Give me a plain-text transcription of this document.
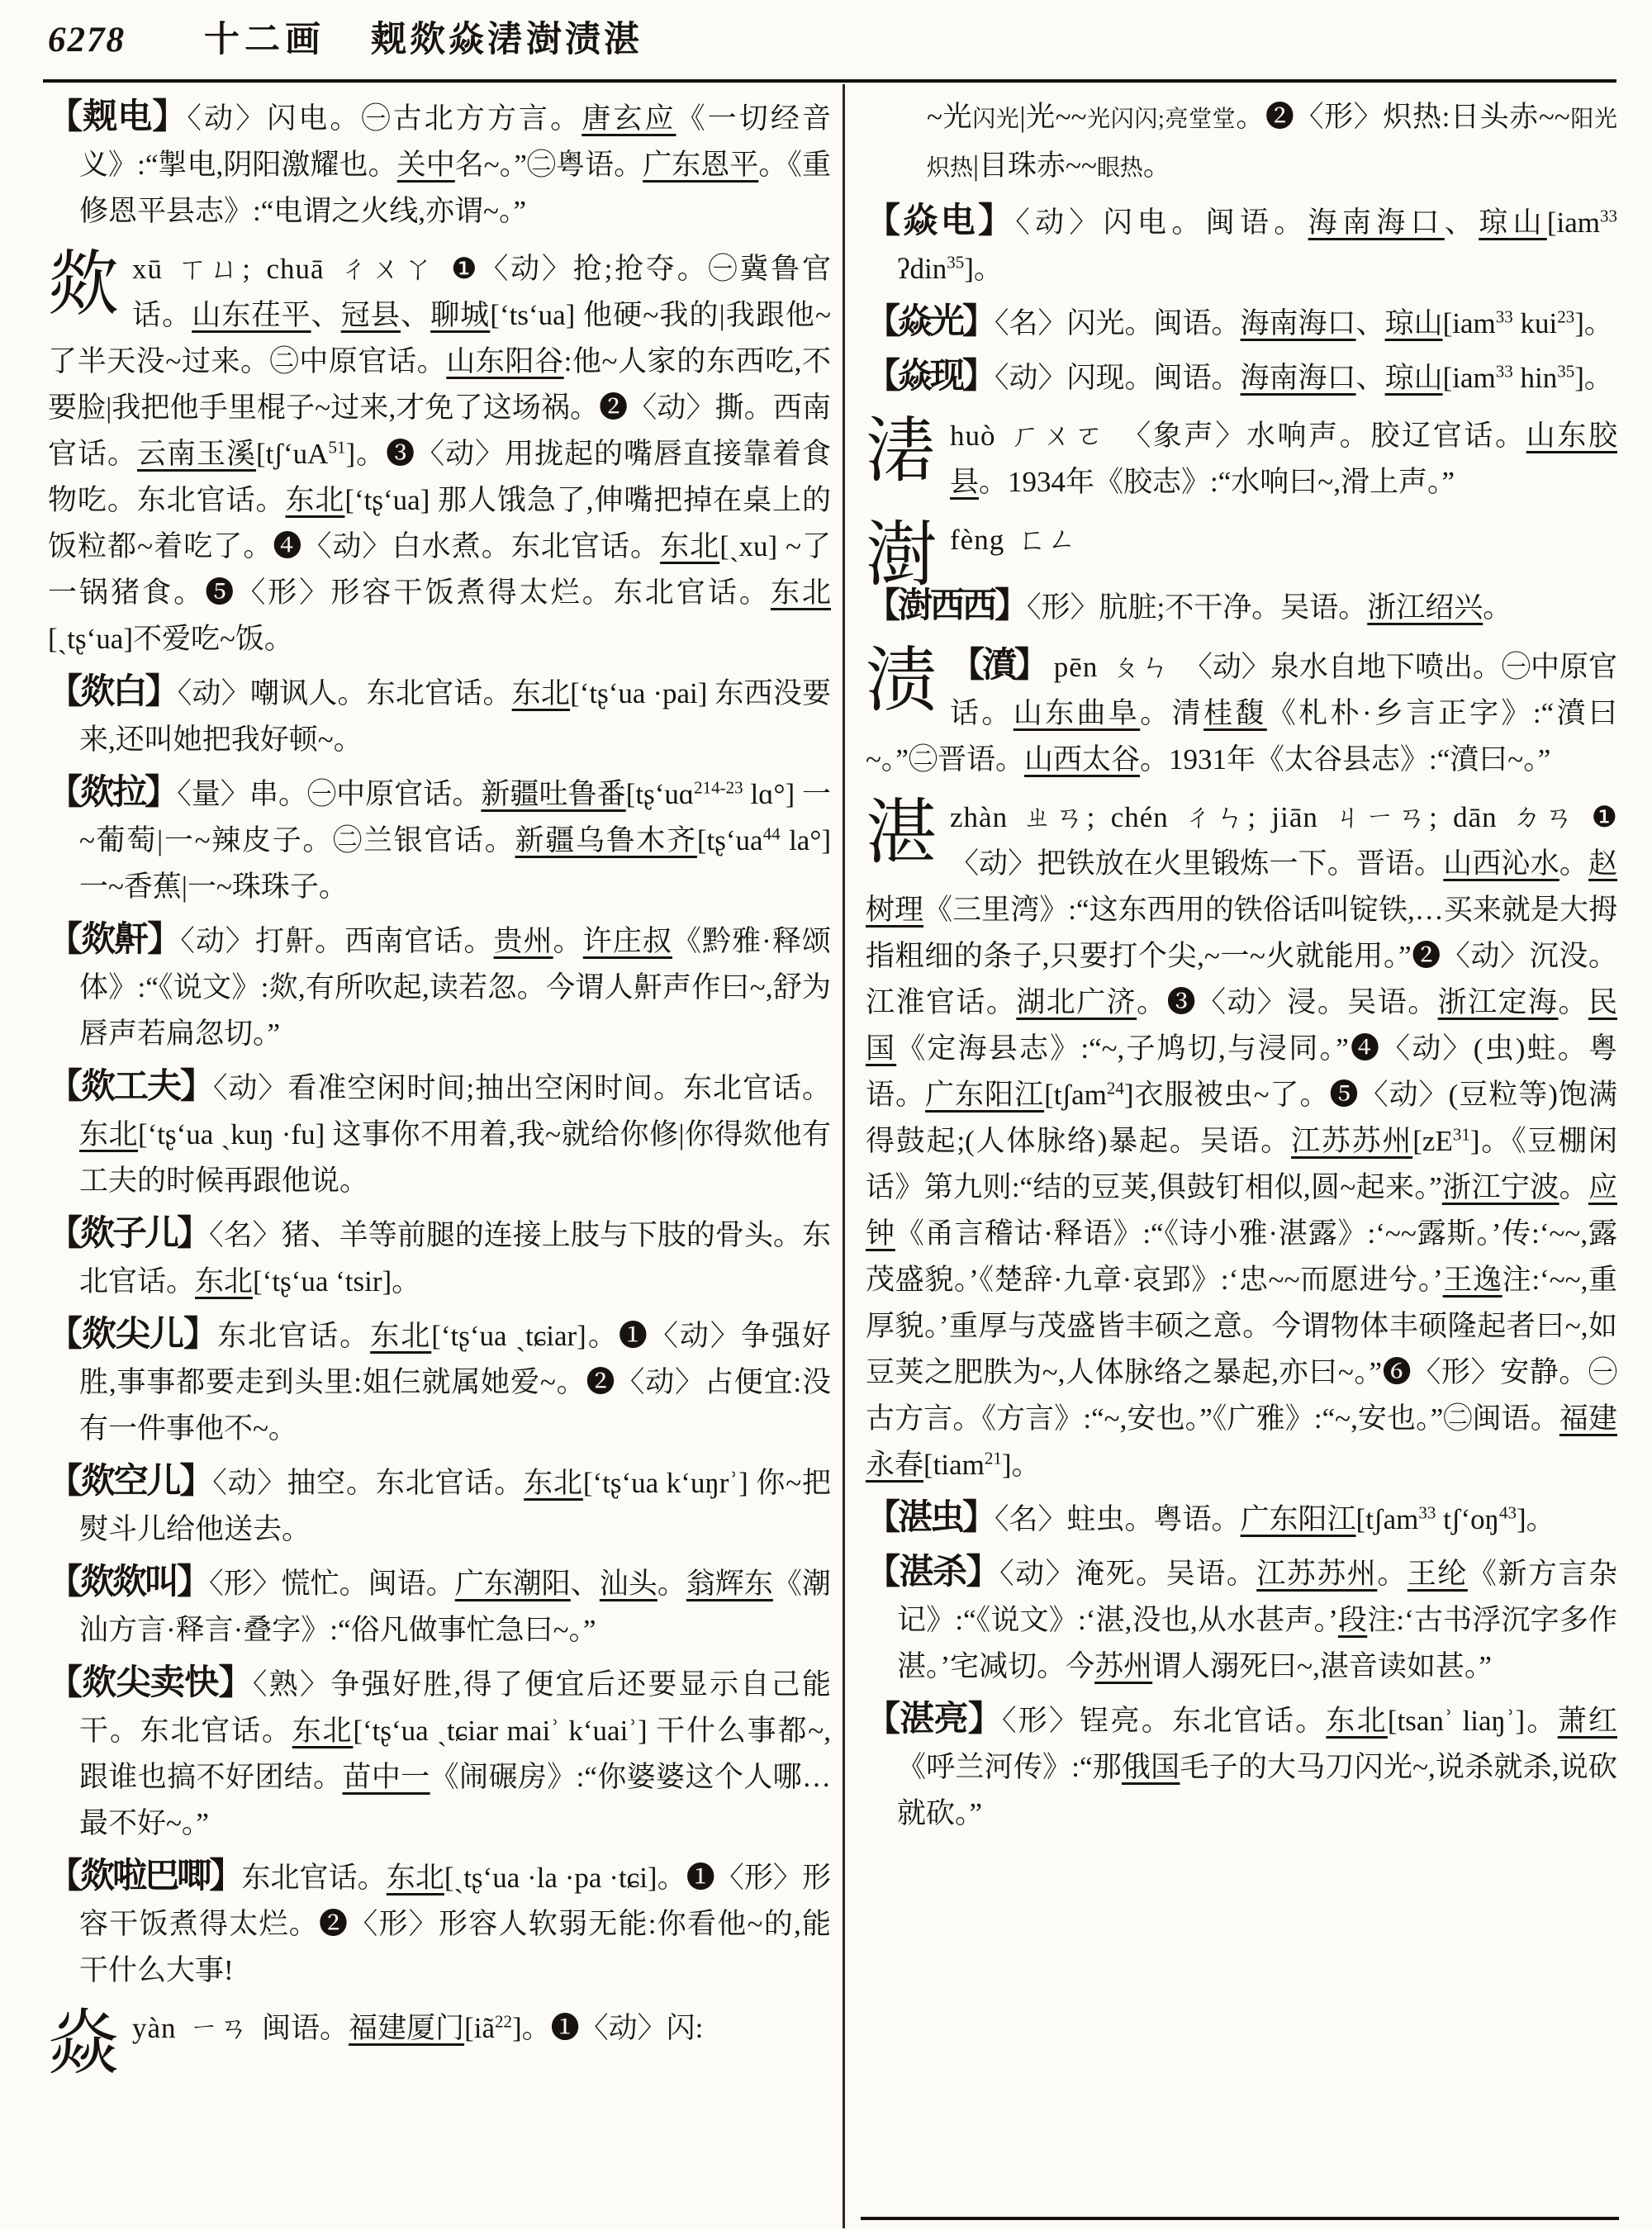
6278 十二画 觌欻焱湱澍渍湛
【觌电】〈动〉闪电。㊀古北方方言。唐玄应《一切经音义》:“掣电,阴阳激耀也。关中名~。”㊁粤语。广东恩平。《重修恩平县志》:“电谓之火线,亦谓~。”
欻xū ㄒㄩ; chuā ㄔㄨㄚ ❶〈动〉抢;抢夺。㊀冀鲁官话。山东茌平、冠县、聊城[ʻtsʻua] 他硬~我的|我跟他~了半天没~过来。㊁中原官话。山东阳谷:他~人家的东西吃,不要脸|我把他手里棍子~过来,才免了这场祸。❷〈动〉撕。西南官话。云南玉溪[tʃʻuA$^{51}$]。❸〈动〉用拢起的嘴唇直接靠着食物吃。东北官话。东北[ʻtʂʻua] 那人饿急了,伸嘴把掉在桌上的饭粒都~着吃了。❹〈动〉白水煮。东北官话。东北[ˏxu] ~了一锅猪食。❺〈形〉形容干饭煮得太烂。东北官话。东北[ˏtʂʻua]不爱吃~饭。
【欻白】〈动〉嘲讽人。东北官话。东北[ʻtʂʻua ·pai] 东西没要来,还叫她把我好顿~。
【欻拉】〈量〉串。㊀中原官话。新疆吐鲁番[tʂʻuɑ$^{214-23}$ lɑ°] 一~葡萄|一~辣皮子。㊁兰银官话。新疆乌鲁木齐[tʂʻua$^{44}$ la°] 一~香蕉|一~珠珠子。
【欻鼾】〈动〉打鼾。西南官话。贵州。许庄叔《黔雅·释颂体》:“《说文》:欻,有所吹起,读若忽。今谓人鼾声作曰~,舒为唇声若扁忽切。”
【欻工夫】〈动〉看准空闲时间;抽出空闲时间。东北官话。东北[ʻtʂʻua ˏkuŋ ·fu] 这事你不用着,我~就给你修|你得欻他有工夫的时候再跟他说。
【欻子儿】〈名〉猪、羊等前腿的连接上肢与下肢的骨头。东北官话。东北[ʻtʂʻua ʻtsir]。
【欻尖儿】东北官话。东北[ʻtʂʻua ˏtɕiar]。❶〈动〉争强好胜,事事都要走到头里:姐仨就属她爱~。❷〈动〉占便宜:没有一件事他不~。
【欻空儿】〈动〉抽空。东北官话。东北[ʻtʂʻua kʻuŋrʾ] 你~把熨斗儿给他送去。
【欻欻叫】〈形〉慌忙。闽语。广东潮阳、汕头。翁辉东《潮汕方言·释言·叠字》:“俗凡做事忙急曰~。”
【欻尖卖快】〈熟〉争强好胜,得了便宜后还要显示自己能干。东北官话。东北[ʻtʂʻua ˏtɕiar maiʾ kʻuaiʾ] 干什么事都~,跟谁也搞不好团结。苗中一《闹碾房》:“你婆婆这个人哪…最不好~。”
【欻啦巴唧】东北官话。东北[ˏtʂʻua ·la ·pa ·tɕi]。❶〈形〉形容干饭煮得太烂。❷〈形〉形容人软弱无能:你看他~的,能干什么大事!
焱yàn ㄧㄢ 闽语。福建厦门$[iã^{22}]$。❶〈动〉闪:
~光闪光|光~~光闪闪;亮堂堂。❷〈形〉炽热:日头赤~~阳光炽热|目珠赤~~眼热。
【焱电】〈动〉闪电。闽语。海南海口、琼山[iam$^{33}$ ʔdin$^{35}$]。
【焱光】〈名〉闪光。闽语。海南海口、琼山[iam$^{33}$ kui$^{23}$]。
【焱现】〈动〉闪现。闽语。海南海口、琼山[iam$^{33}$ hin$^{35}$]。
湱huò ㄏㄨㄛ 〈象声〉水响声。胶辽官话。山东胶县。1934年《胶志》:“水响曰~,滑上声。”
澍fèng ㄈㄥ
【澍西西】〈形〉肮脏;不干净。吴语。浙江绍兴。
渍 【濆】 pēn ㄆㄣ 〈动〉泉水自地下喷出。㊀中原官话。山东曲阜。清桂馥《札朴·乡言正字》:“濆曰~。”㊁晋语。山西太谷。1931年《太谷县志》:“濆曰~。”
湛zhàn ㄓㄢ; chén ㄔㄣ; jiān ㄐㄧㄢ; dān ㄉㄢ ❶〈动〉把铁放在火里锻炼一下。晋语。山西沁水。赵树理《三里湾》:“这东西用的铁俗话叫锭铁,…买来就是大拇指粗细的条子,只要打个尖,~一~火就能用。”❷〈动〉沉没。江淮官话。湖北广济。❸〈动〉浸。吴语。浙江定海。民国《定海县志》:“~,子鸠切,与浸同。”❹〈动〉(虫)蛀。粤语。广东阳江[tʃam$^{24}$]衣服被虫~了。❺〈动〉(豆粒等)饱满得鼓起;(人体脉络)暴起。吴语。江苏苏州$[zE^{31}]$。《豆棚闲话》第九则:“结的豆荚,俱鼓钉相似,圆~起来。”浙江宁波。应钟《甬言稽诂·释语》:“《诗小雅·湛露》:‘~~露斯。’传:‘~~,露茂盛貌。’《楚辞·九章·哀郢》:‘忠~~而愿进兮。’王逸注:‘~~,重厚貌。’重厚与茂盛皆丰硕之意。今谓物体丰硕隆起者曰~,如豆荚之肥胅为~,人体脉络之暴起,亦曰~。”❻〈形〉安静。㊀古方言。《方言》:“~,安也。”《广雅》:“~,安也。”㊁闽语。福建永春[tiam$^{21}$]。
【湛虫】〈名〉蛀虫。粤语。广东阳江[tʃam$^{33}$ tʃʻoŋ$^{43}$]。
【湛杀】〈动〉淹死。吴语。江苏苏州。王纶《新方言杂记》:“《说文》:‘湛,没也,从水甚声。’段注:‘古书浮沉字多作湛。’宅减切。今苏州谓人溺死曰~,湛音读如甚。”
【湛亮】〈形〉锃亮。东北官话。东北[tsanʾ liaŋʾ]。萧红《呼兰河传》:“那俄国毛子的大马刀闪光~,说杀就杀,说砍就砍。”
